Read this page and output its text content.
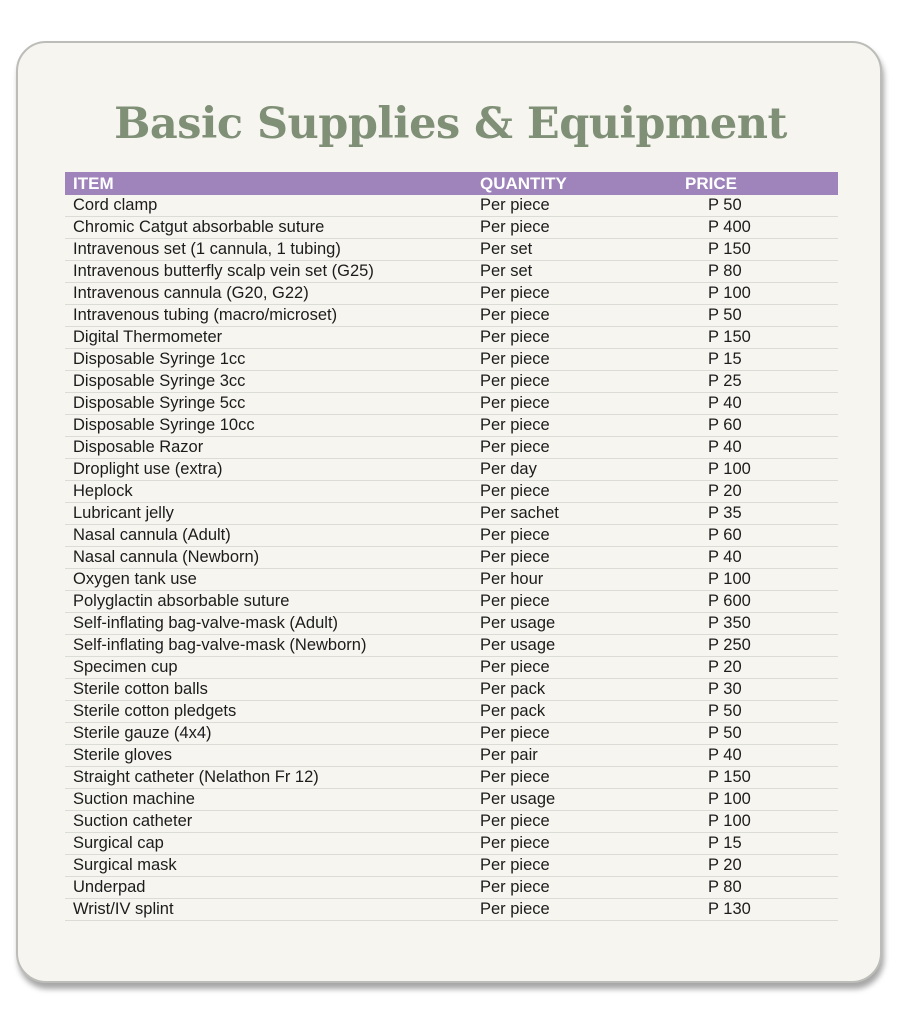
Basic Supplies & Equipment
ITEM	QUANTITY	PRICE
Cord clamp	Per piece	P 50
Chromic Catgut absorbable suture	Per piece	P 400
Intravenous set (1 cannula, 1 tubing)	Per set	P 150
Intravenous butterfly scalp vein set (G25)	Per set	P 80
Intravenous cannula (G20, G22)	Per piece	P 100
Intravenous tubing (macro/microset)	Per piece	P 50
Digital Thermometer	Per piece	P 150
Disposable Syringe 1cc	Per piece	P 15
Disposable Syringe 3cc	Per piece	P 25
Disposable Syringe 5cc	Per piece	P 40
Disposable Syringe 10cc	Per piece	P 60
Disposable Razor	Per piece	P 40
Droplight use (extra)	Per day	P 100
Heplock	Per piece	P 20
Lubricant jelly	Per sachet	P 35
Nasal cannula (Adult)	Per piece	P 60
Nasal cannula (Newborn)	Per piece	P 40
Oxygen tank use	Per hour	P 100
Polyglactin absorbable suture	Per piece	P 600
Self-inflating bag-valve-mask (Adult)	Per usage	P 350
Self-inflating bag-valve-mask (Newborn)	Per usage	P 250
Specimen cup	Per piece	P 20
Sterile cotton balls	Per pack	P 30
Sterile cotton pledgets	Per pack	P 50
Sterile gauze (4x4)	Per piece	P 50
Sterile gloves	Per pair	P 40
Straight catheter (Nelathon Fr 12)	Per piece	P 150
Suction machine	Per usage	P 100
Suction catheter	Per piece	P 100
Surgical cap	Per piece	P 15
Surgical mask	Per piece	P 20
Underpad	Per piece	P 80
Wrist/IV splint	Per piece	P 130
